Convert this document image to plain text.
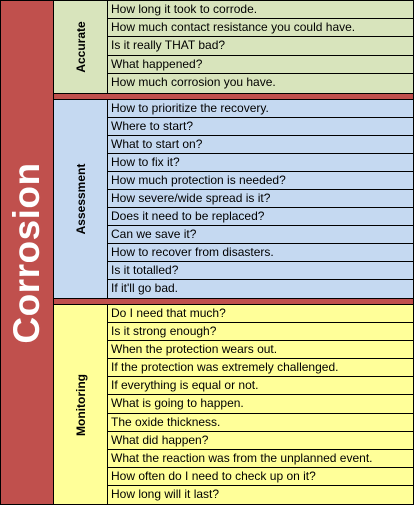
Corrosion
Accurate
How long it took to corrode.
How much contact resistance you could have.
Is it really THAT bad?
What happened?
How much corrosion you have.
Assessment
How to prioritize the recovery.
Where to start?
What to start on?
How to fix it?
How much protection is needed?
How severe/wide spread is it?
Does it need to be replaced?
Can we save it?
How to recover from disasters.
Is it totalled?
If it'll go bad.
Monitoring
Do I need that much?
Is it strong enough?
When the protection wears out.
If the protection was extremely challenged.
If everything is equal or not.
What is going to happen.
The oxide thickness.
What did happen?
What the reaction was from the unplanned event.
How often do I need to check up on it?
How long will it last?
